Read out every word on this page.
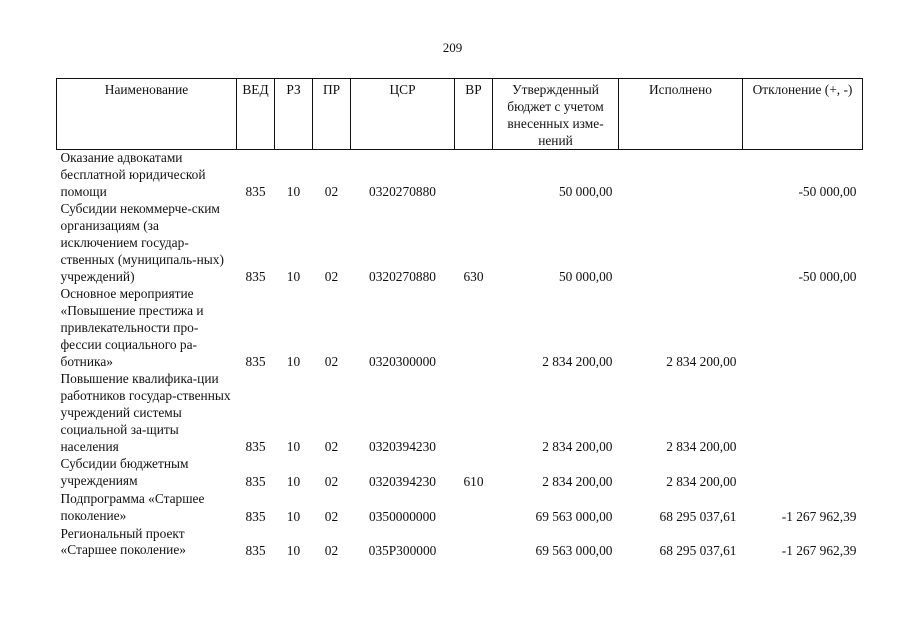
209
Наименование	ВЕД	РЗ	ПР	ЦСР	ВР	Утвержденный бюджет с учетом внесенных изме-нений	Исполнено	Отклонение (+, -)
Оказание адвокатами бесплатной юридической помощи	835	10	02	0320270880		50 000,00		-50 000,00
Субсидии некоммерче-ским организациям (за исключением государ-ственных (муниципаль-ных) учреждений)	835	10	02	0320270880	630	50 000,00		-50 000,00
Основное мероприятие «Повышение престижа и привлекательности про-фессии социального ра-ботника»	835	10	02	0320300000		2 834 200,00	2 834 200,00	
Повышение квалифика-ции работников государ-ственных учреждений системы социальной за-щиты населения	835	10	02	0320394230		2 834 200,00	2 834 200,00	
Субсидии бюджетным учреждениям	835	10	02	0320394230	610	2 834 200,00	2 834 200,00	
Подпрограмма «Старшее поколение»	835	10	02	0350000000		69 563 000,00	68 295 037,61	-1 267 962,39
Региональный проект «Старшее поколение»	835	10	02	035P300000		69 563 000,00	68 295 037,61	-1 267 962,39
